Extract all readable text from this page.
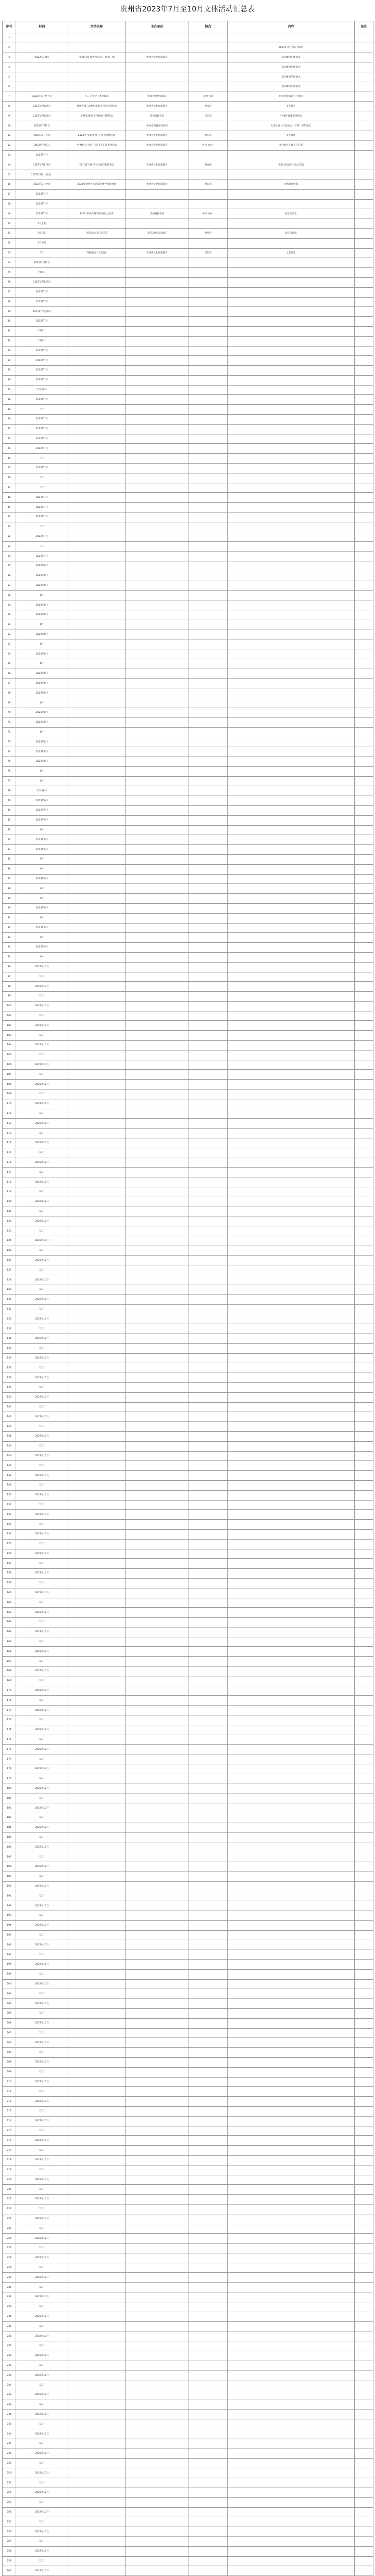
贵州省2023年7月至10月文体活动汇总表
序号	时间	活动名称	主办单位	地点	内容	备注
1						
2					2023年茅台音乐节演出	
3	2023年7-8月	“花漾之夏·乘着音乐来”一场演一城	贵州省文化和旅游厅		前大舞台乐团演出	
4					前大舞台乐团演出	
5					前大舞台乐团演出	
6					前大舞台乐团演出	
7	2023年7月中下旬	百…·百年甲子系列演出	黔南州文化旅游局	滨河主题	经典民族旅游节目演出	
8	2023年7月27日	贵州省第二届乡村旅游文化艺术周活动	贵州省文化和旅游厅	遵义市	文艺晚会	
9	2023年7月22日	贵州省2023年“村BA”村超活动	贵州省体育局	台江县	“村BA”篮球赛事活动	
10	2023年7月1日		中共贵州省委宣传部		纪念中国共产党成立一百零二周年演出	
11	2023年7月上旬	2023年“多彩贵州·…”系列文化活动	贵州省文化和旅游厅	贵阳市	文艺演出	
12	2023年7月1日	“乡村振兴·百县百场”文艺汇演系列活动	贵州省文化和旅游厅	各市（州）	乡村振兴主题文艺汇演	
13	2023年7月					
14	2023年7月19日	“第三届”贵州省文化遗产旅游论坛	贵州省文化和旅游厅	黔南州	非遗文化展示与论坛交流	
15	2023年7月（暂定）					
16	2023年7月中旬	2023年贵州省文艺院团优秀剧目展演	贵州省文化和旅游厅	贵阳市	优秀剧目展演	
17	2023年7月					
18	2023年7月					
19	2023年7月	2023“多彩贵州”城市社区运动会	贵州省体育局	各市（州）	社区运动会	
20	7月上旬					
21	7月13日	“黔东南之夏”音乐节	黔东南州人民政府	凯里市	音乐节演出	
22	7月下旬					
23	7月	“相约贵州”文艺演出	贵州省文化和旅游厅	贵阳市	文艺演出	
24	2023年7月1日					
25	7月2日					
26	2023年7月26日					
27	2023年7月					
28	2023年7月					
29	2023年7月至8月					
30	2023年7月					
31	7月5日					
32	7月6日					
33	2023年7月					
34	2023年7月					
35	2023年7月					
36	2023年7月					
37	7月至8月					
38	2023年7月					
39	7月					
40	2023年7月					
41	2023年7月					
42	2023年7月					
43	2023年7月					
44	7月					
45	2023年7月					
46	7月					
47	7月					
48	2023年7月					
49	2023年7月					
50	2023年7月					
51	7月					
52	2023年7月					
53	7月					
54	2023年7月					
55	2023年8月					
56	2023年8月					
57	2023年8月					
58	8月					
59	2023年8月					
60	2023年8月					
61	8月					
62	2023年8月					
63	8月					
64	2023年8月					
65	8月					
66	2023年8月					
67	2023年8月					
68	2023年8月					
69	8月					
70	2023年8月					
71	2023年8月					
72	8月					
73	2023年8月					
74	2023年8月					
75	2023年8月					
76	8月					
77	8月					
78	7月-10月					
79	2023年9月					
80	2023年9月					
81	2023年9月					
82	9月					
83	2023年9月					
84	2023年9月					
85	9月					
86	9月					
87	2023年9月					
88	9月					
89	9月					
90	2023年9月					
91	9月					
92	2023年9月					
93	9月					
94	2023年9月					
95	9月					
96	2023年10月					
97	10月					
98	2023年10月					
99	10月					
100	2023年10月					
101	10月					
102	2023年10月					
103	10月					
104	2023年10月					
105	10月					
106	2023年10月					
107	10月					
108	2023年10月					
109	10月					
110	2023年10月					
111	10月					
112	2023年10月					
113	10月					
114	2023年10月					
115	10月					
116	2023年10月					
117	10月					
118	2023年10月					
119	10月					
120	2023年10月					
121	10月					
122	2023年10月					
123	10月					
124	2023年10月					
125	10月					
126	2023年10月					
127	10月					
128	2023年10月					
129	10月					
130	2023年10月					
131	10月					
132	2023年10月					
133	10月					
134	2023年10月					
135	10月					
136	2023年10月					
137	10月					
138	2023年10月					
139	10月					
140	2023年10月					
141	10月					
142	2023年10月					
143	10月					
144	2023年10月					
145	10月					
146	2023年10月					
147	10月					
148	2023年10月					
149	10月					
150	2023年10月					
151	10月					
152	2023年10月					
153	10月					
154	2023年10月					
155	10月					
156	2023年10月					
157	10月					
158	2023年10月					
159	10月					
160	2023年10月					
161	10月					
162	2023年10月					
163	10月					
164	2023年10月					
165	10月					
166	2023年10月					
167	10月					
168	2023年10月					
169	10月					
170	2023年10月					
171	10月					
172	2023年10月					
173	10月					
174	2023年10月					
175	10月					
176	2023年10月					
177	10月					
178	2023年10月					
179	10月					
180	2023年10月					
181	10月					
182	2023年10月					
183	10月					
184	2023年10月					
185	10月					
186	2023年10月					
187	10月					
188	2023年10月					
189	10月					
190	2023年10月					
191	10月					
192	2023年10月					
193	10月					
194	2023年10月					
195	10月					
196	2023年10月					
197	10月					
198	2023年10月					
199	10月					
200	2023年10月					
201	10月					
202	2023年10月					
203	10月					
204	2023年10月					
205	10月					
206	2023年10月					
207	10月					
208	2023年10月					
209	10月					
210	2023年10月					
211	10月					
212	2023年10月					
213	10月					
214	2023年10月					
215	10月					
216	2023年10月					
217	10月					
218	2023年10月					
219	10月					
220	2023年10月					
221	10月					
222	2023年10月					
223	10月					
224	2023年10月					
225	10月					
226	2023年10月					
227	10月					
228	2023年10月					
229	10月					
230	2023年10月					
231	10月					
232	2023年10月					
233	10月					
234	2023年10月					
235	10月					
236	2023年10月					
237	10月					
238	2023年10月					
239	10月					
240	2023年10月					
241	10月					
242	2023年10月					
243	10月					
244	2023年10月					
245	10月					
246	2023年10月					
247	10月					
248	2023年10月					
249	10月					
250	2023年10月					
251	10月					
252	2023年10月					
253	10月					
254	2023年10月					
255	10月					
256	2023年10月					
257	10月					
258	2023年10月					
259	10月					
260	2023年10月					
